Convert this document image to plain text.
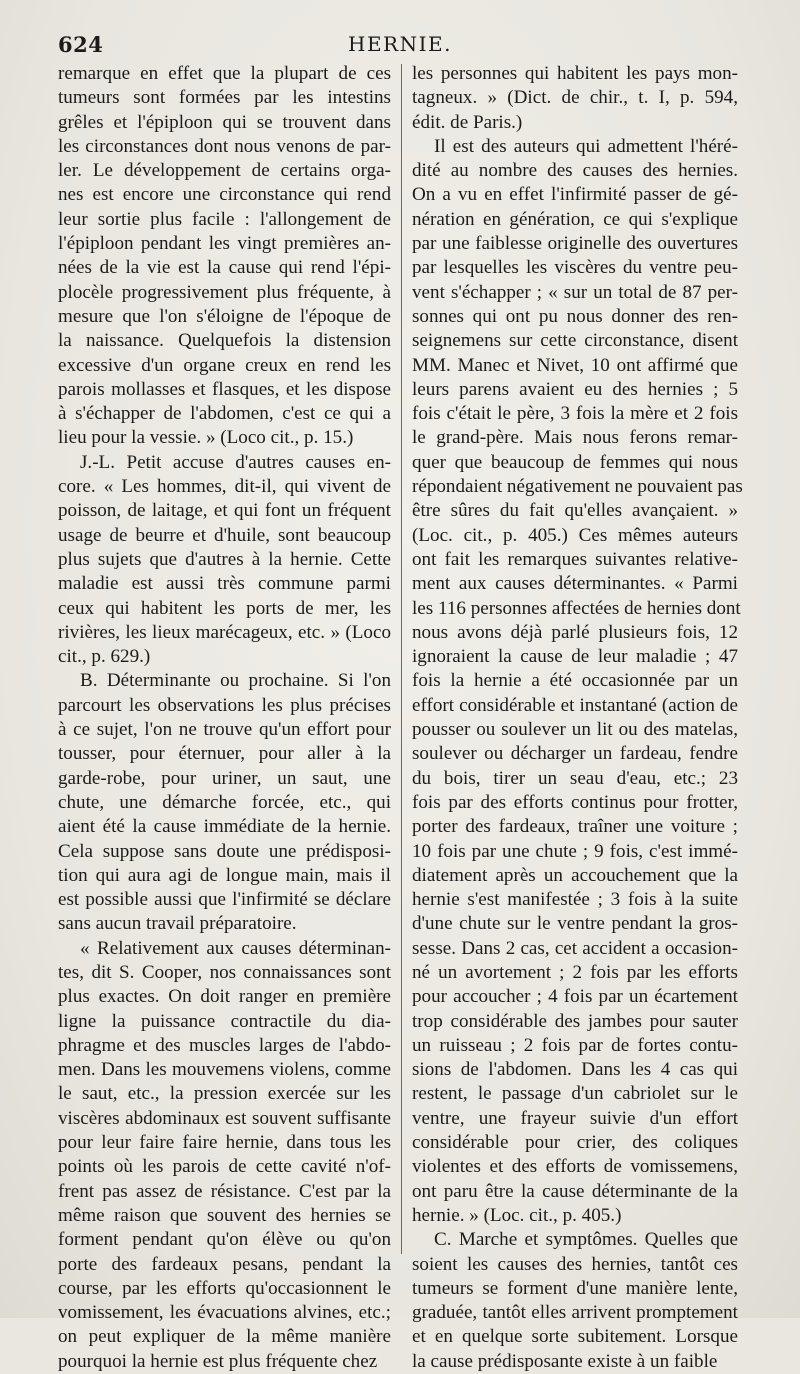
624	HERNIE.
remarque en effet que la plupart de ces
tumeurs sont formées par les intestins
grêles et l'épiploon qui se trouvent dans
les circonstances dont nous venons de par-
ler. Le développement de certains orga-
nes est encore une circonstance qui rend
leur sortie plus facile : l'allongement de
l'épiploon pendant les vingt premières an-
nées de la vie est la cause qui rend l'épi-
plocèle progressivement plus fréquente, à
mesure que l'on s'éloigne de l'époque de
la naissance. Quelquefois la distension
excessive d'un organe creux en rend les
parois mollasses et flasques, et les dispose
à s'échapper de l'abdomen, c'est ce qui a
lieu pour la vessie. » (Loco cit., p. 15.)
J.-L. Petit accuse d'autres causes en-
core. « Les hommes, dit-il, qui vivent de
poisson, de laitage, et qui font un fréquent
usage de beurre et d'huile, sont beaucoup
plus sujets que d'autres à la hernie. Cette
maladie est aussi très commune parmi
ceux qui habitent les ports de mer, les
rivières, les lieux marécageux, etc. » (Loco
cit., p. 629.)
B. Déterminante ou prochaine. Si l'on
parcourt les observations les plus précises
à ce sujet, l'on ne trouve qu'un effort pour
tousser, pour éternuer, pour aller à la
garde-robe, pour uriner, un saut, une
chute, une démarche forcée, etc., qui
aient été la cause immédiate de la hernie.
Cela suppose sans doute une prédisposi-
tion qui aura agi de longue main, mais il
est possible aussi que l'infirmité se déclare
sans aucun travail préparatoire.
« Relativement aux causes déterminan-
tes, dit S. Cooper, nos connaissances sont
plus exactes. On doit ranger en première
ligne la puissance contractile du dia-
phragme et des muscles larges de l'abdo-
men. Dans les mouvemens violens, comme
le saut, etc., la pression exercée sur les
viscères abdominaux est souvent suffisante
pour leur faire faire hernie, dans tous les
points où les parois de cette cavité n'of-
frent pas assez de résistance. C'est par la
même raison que souvent des hernies se
forment pendant qu'on élève ou qu'on
porte des fardeaux pesans, pendant la
course, par les efforts qu'occasionnent le
vomissement, les évacuations alvines, etc.;
on peut expliquer de la même manière
pourquoi la hernie est plus fréquente chez
les personnes qui habitent les pays mon-
tagneux. » (Dict. de chir., t. I, p. 594,
édit. de Paris.)
Il est des auteurs qui admettent l'héré-
dité au nombre des causes des hernies.
On a vu en effet l'infirmité passer de gé-
nération en génération, ce qui s'explique
par une faiblesse originelle des ouvertures
par lesquelles les viscères du ventre peu-
vent s'échapper ; « sur un total de 87 per-
sonnes qui ont pu nous donner des ren-
seignemens sur cette circonstance, disent
MM. Manec et Nivet, 10 ont affirmé que
leurs parens avaient eu des hernies ; 5
fois c'était le père, 3 fois la mère et 2 fois
le grand-père. Mais nous ferons remar-
quer que beaucoup de femmes qui nous
répondaient négativement ne pouvaient pas
être sûres du fait qu'elles avançaient. »
(Loc. cit., p. 405.) Ces mêmes auteurs
ont fait les remarques suivantes relative-
ment aux causes déterminantes. « Parmi
les 116 personnes affectées de hernies dont
nous avons déjà parlé plusieurs fois, 12
ignoraient la cause de leur maladie ; 47
fois la hernie a été occasionnée par un
effort considérable et instantané (action de
pousser ou soulever un lit ou des matelas,
soulever ou décharger un fardeau, fendre
du bois, tirer un seau d'eau, etc.; 23
fois par des efforts continus pour frotter,
porter des fardeaux, traîner une voiture ;
10 fois par une chute ; 9 fois, c'est immé-
diatement après un accouchement que la
hernie s'est manifestée ; 3 fois à la suite
d'une chute sur le ventre pendant la gros-
sesse. Dans 2 cas, cet accident a occasion-
né un avortement ; 2 fois par les efforts
pour accoucher ; 4 fois par un écartement
trop considérable des jambes pour sauter
un ruisseau ; 2 fois par de fortes contu-
sions de l'abdomen. Dans les 4 cas qui
restent, le passage d'un cabriolet sur le
ventre, une frayeur suivie d'un effort
considérable pour crier, des coliques
violentes et des efforts de vomissemens,
ont paru être la cause déterminante de la
hernie. » (Loc. cit., p. 405.)
C. Marche et symptômes. Quelles que
soient les causes des hernies, tantôt ces
tumeurs se forment d'une manière lente,
graduée, tantôt elles arrivent promptement
et en quelque sorte subitement. Lorsque
la cause prédisposante existe à un faible
